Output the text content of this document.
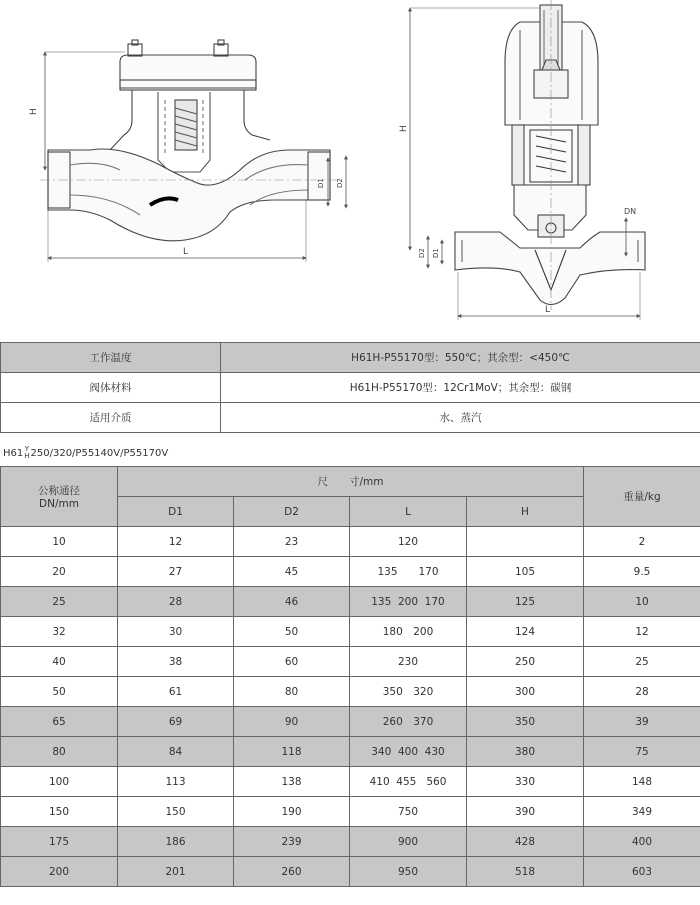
H
D1 D2
L
H
D2 D1
DN
L
工作温度	H61H-P55170型：550℃；其余型：<450℃
阀体材料	H61H-P55170型：12Cr1MoV；其余型：碳钢
适用介质	水、蒸汽
H61Y
H250/320/P55140V/P55170V
公称通径
DN/mm	尺　　寸/mm				重量/kg
	D1	D2	L	H	
10	12	23	120		2
20	27	45	135　　170	105	9.5
25	28	46	135  200  170	125	10
32	30	50	180　200	124	12
40	38	60	230	250	25
50	61	80	350　320	300	28
65	69	90	260　370	350	39
80	84	118	340  400  430	380	75
100	113	138	410  455   560	330	148
150	150	190	750	390	349
175	186	239	900	428	400
200	201	260	950	518	603
